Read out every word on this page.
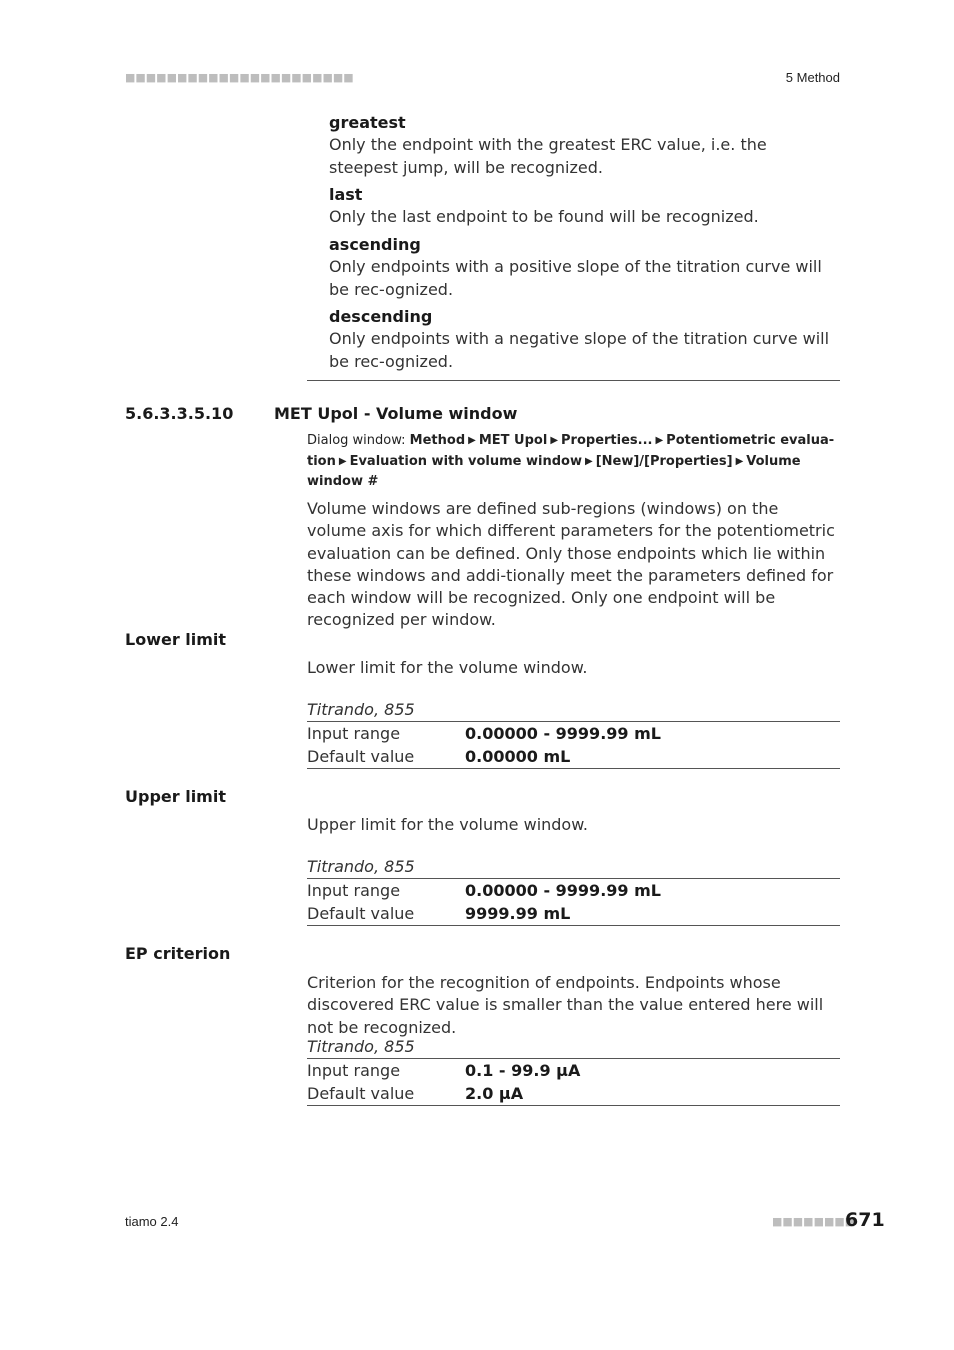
■■■■■■■■■■■■■■■■■■■■■■	5 Method
greatest
Only the endpoint with the greatest ERC value, i.e. the steepest jump, will be recognized.
last
Only the last endpoint to be found will be recognized.
ascending
Only endpoints with a positive slope of the titration curve will be rec-ognized.
descending
Only endpoints with a negative slope of the titration curve will be rec-ognized.
5.6.3.3.5.10	MET Upol - Volume window
Dialog window: Method ▶ MET Upol ▶ Properties... ▶ Potentiometric evalua-tion ▶ Evaluation with volume window ▶ [New]/[Properties] ▶ Volume window #
Volume windows are defined sub-regions (windows) on the volume axis for which different parameters for the potentiometric evaluation can be defined. Only those endpoints which lie within these windows and addi-tionally meet the parameters defined for each window will be recognized. Only one endpoint will be recognized per window.
Lower limit
Lower limit for the volume window.
Titrando, 855
Input range	0.00000 - 9999.99 mL
Default value	0.00000 mL
Upper limit
Upper limit for the volume window.
Titrando, 855
Input range	0.00000 - 9999.99 mL
Default value	9999.99 mL
EP criterion
Criterion for the recognition of endpoints. Endpoints whose discovered ERC value is smaller than the value entered here will not be recognized.
Titrando, 855
Input range	0.1 - 99.9 µA
Default value	2.0 µA
tiamo 2.4	■■■■■■■■
671
